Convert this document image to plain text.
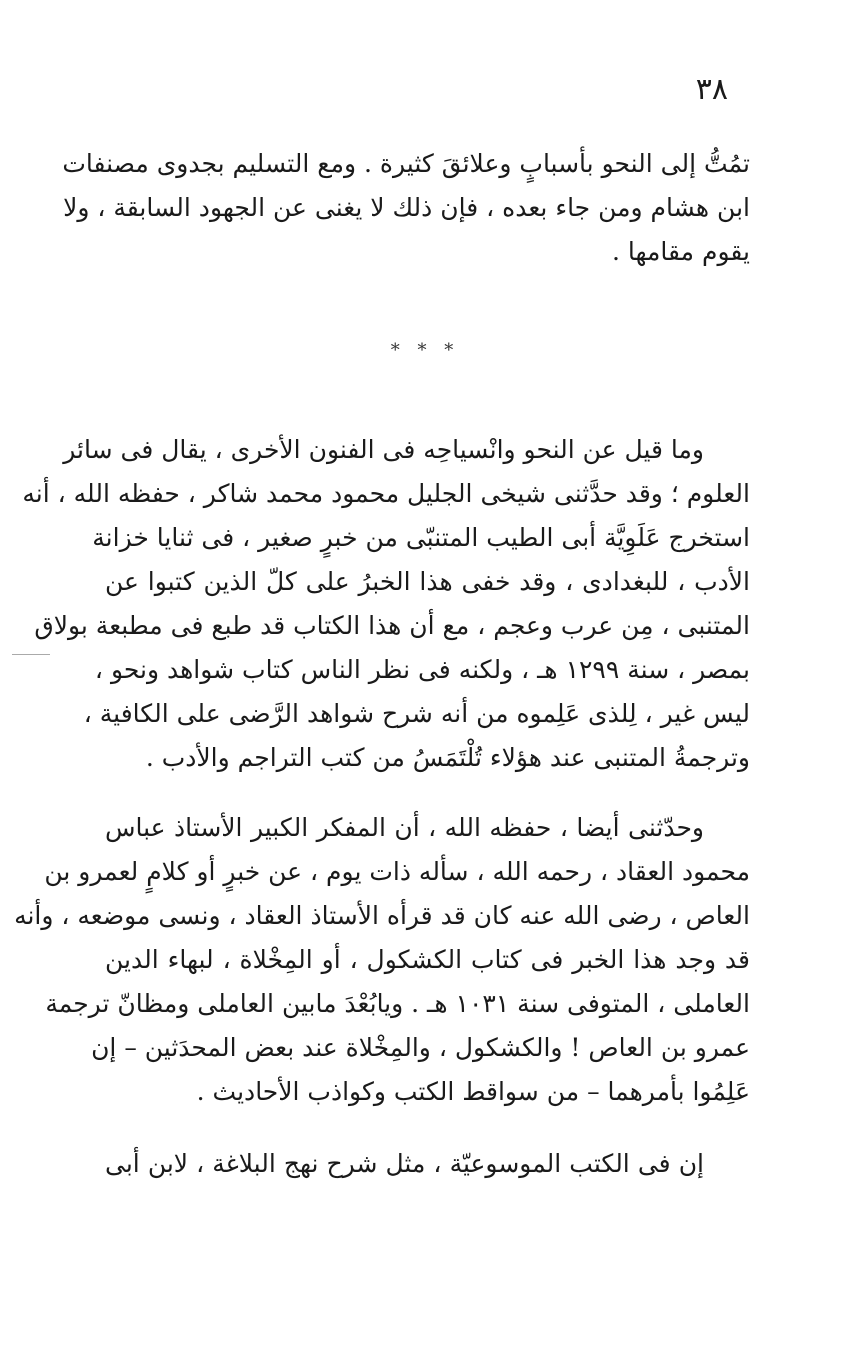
٣٨
تمُتُّ إلى النحو بأسبابٍ وعلائقَ كثيرة . ومع التسليم بجدوى مصنفات
ابن هشام ومن جاء بعده ، فإن ذلك لا يغنى عن الجهود السابقة ، ولا
يقوم مقامها .
* * *
وما قيل عن النحو وانْسياحِه فى الفنون الأخرى ، يقال فى سائر
العلوم ؛ وقد حدَّثنى شيخى الجليل محمود محمد شاكر ، حفظه الله ، أنه
استخرج عَلَوِيَّة أبى الطيب المتنبّى من خبرٍ صغير ، فى ثنايا خزانة
الأدب ، للبغدادى ، وقد خفى هذا الخبرُ على كلّ الذين كتبوا عن
المتنبى ، مِن عرب وعجم ، مع أن هذا الكتاب قد طبع فى مطبعة بولاق
بمصر ، سنة ١٢٩٩ هـ ، ولكنه فى نظر الناس كتاب شواهد ونحو ،
ليس غير ، لِلذى عَلِموه من أنه شرح شواهد الرَّضى على الكافية ،
وترجمةُ المتنبى عند هؤلاء تُلْتَمَسُ من كتب التراجم والأدب .
وحدّثنى أيضا ، حفظه الله ، أن المفكر الكبير الأستاذ عباس
محمود العقاد ، رحمه الله ، سأله ذات يوم ، عن خبرٍ أو كلامٍ لعمرو بن
العاص ، رضى الله عنه كان قد قرأه الأستاذ العقاد ، ونسى موضعه ، وأنه
قد وجد هذا الخبر فى كتاب الكشكول ، أو المِخْلاة ، لبهاء الدين
العاملى ، المتوفى سنة ١٠٣١ هـ . ويابُعْدَ مابين العاملى ومظانّ ترجمة
عمرو بن العاص ! والكشكول ، والمِخْلاة عند بعض المحدَثين – إن
عَلِمُوا بأمرهما – من سواقط الكتب وكواذب الأحاديث .
إن فى الكتب الموسوعيّة ، مثل شرح نهج البلاغة ، لابن أبى
